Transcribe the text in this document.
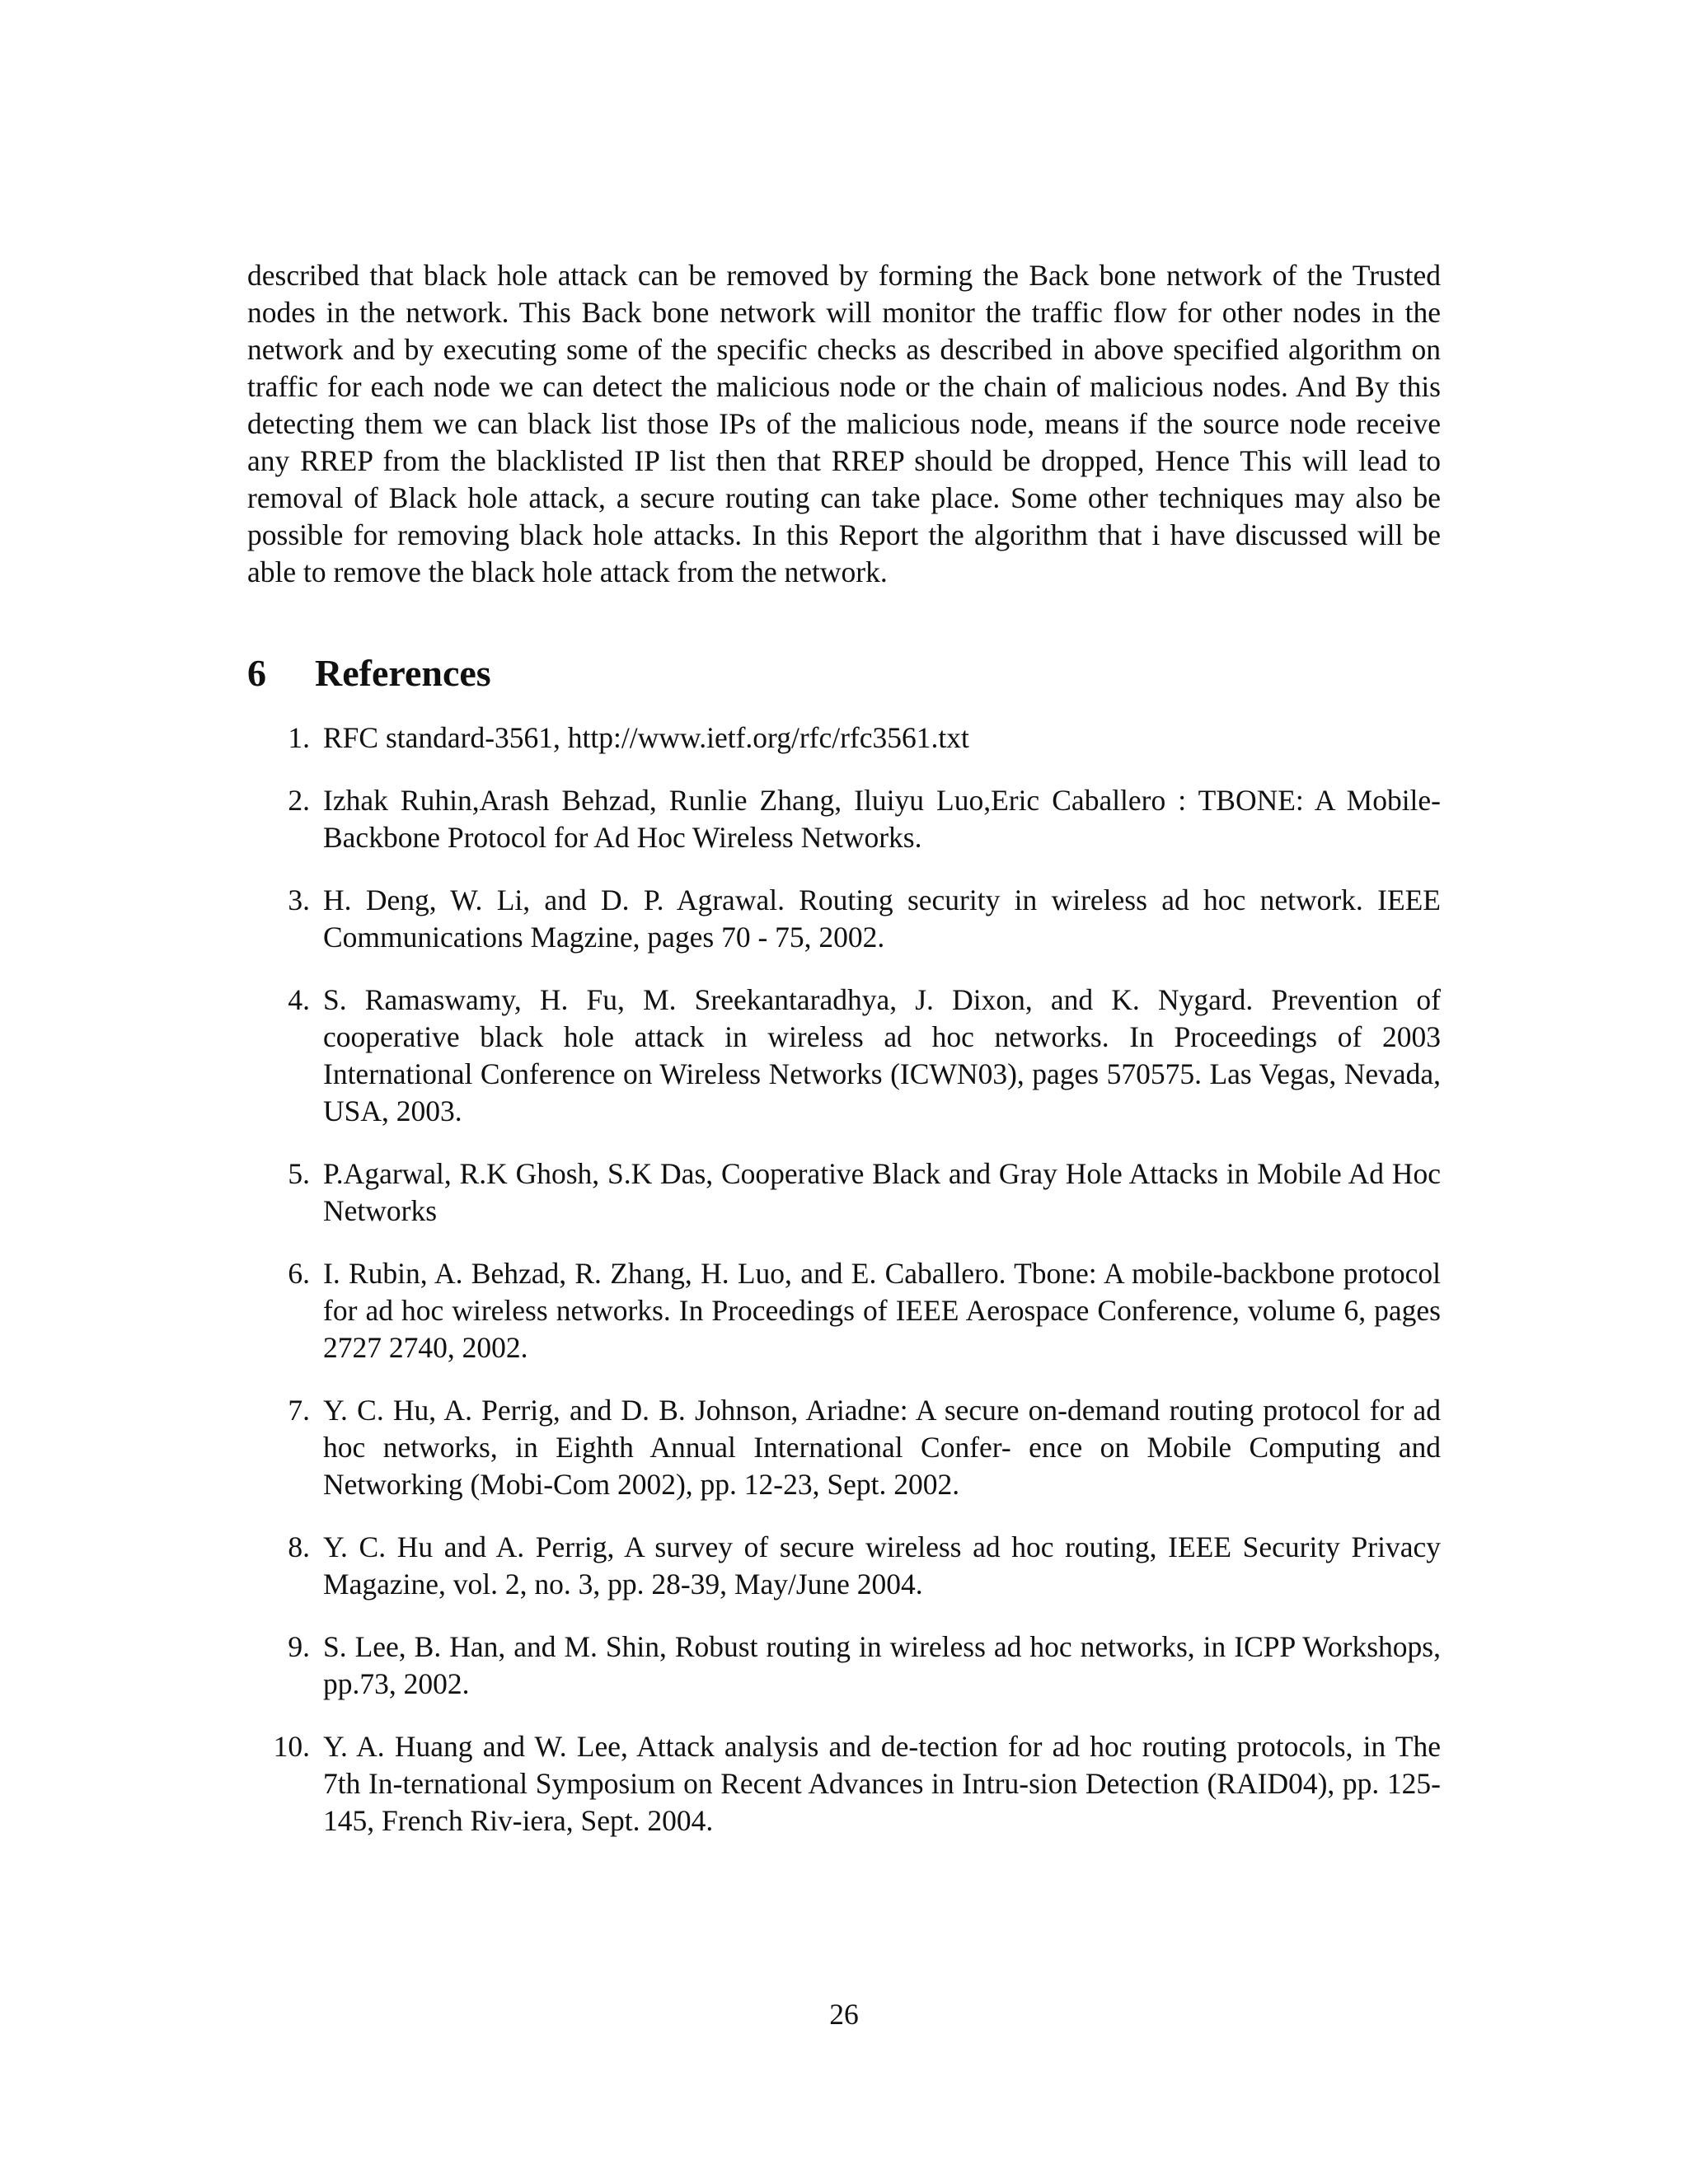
described that black hole attack can be removed by forming the Back bone network of the Trusted nodes in the network. This Back bone network will monitor the traffic flow for other nodes in the network and by executing some of the specific checks as described in above specified algorithm on traffic for each node we can detect the malicious node or the chain of malicious nodes. And By this detecting them we can black list those IPs of the malicious node, means if the source node receive any RREP from the blacklisted IP list then that RREP should be dropped, Hence This will lead to removal of Black hole attack, a secure routing can take place. Some other techniques may also be possible for removing black hole attacks. In this Report the algorithm that i have discussed will be able to remove the black hole attack from the network.

6	References
1. RFC standard-3561, http://www.ietf.org/rfc/rfc3561.txt
2. Izhak Ruhin,Arash Behzad, Runlie Zhang, Iluiyu Luo,Eric Caballero : TBONE: A Mobile-Backbone Protocol for Ad Hoc Wireless Networks.
3. H. Deng, W. Li, and D. P. Agrawal. Routing security in wireless ad hoc network. IEEE Communications Magzine, pages 70 - 75, 2002.
4. S. Ramaswamy, H. Fu, M. Sreekantaradhya, J. Dixon, and K. Nygard. Prevention of cooperative black hole attack in wireless ad hoc networks. In Proceedings of 2003 International Conference on Wireless Networks (ICWN03), pages 570575. Las Vegas, Nevada, USA, 2003.
5. P.Agarwal, R.K Ghosh, S.K Das, Cooperative Black and Gray Hole Attacks in Mobile Ad Hoc Networks
6. I. Rubin, A. Behzad, R. Zhang, H. Luo, and E. Caballero. Tbone: A mobile-backbone protocol for ad hoc wireless networks. In Proceedings of IEEE Aerospace Conference, volume 6, pages 2727 2740, 2002.
7. Y. C. Hu, A. Perrig, and D. B. Johnson, Ariadne: A secure on-demand routing protocol for ad hoc networks, in Eighth Annual International Confer- ence on Mobile Computing and Networking (Mobi-Com 2002), pp. 12-23, Sept. 2002.
8. Y. C. Hu and A. Perrig, A survey of secure wireless ad hoc routing, IEEE Security Privacy Magazine, vol. 2, no. 3, pp. 28-39, May/June 2004.
9. S. Lee, B. Han, and M. Shin, Robust routing in wireless ad hoc networks, in ICPP Workshops, pp.73, 2002.
10. Y. A. Huang and W. Lee, Attack analysis and de-tection for ad hoc routing protocols, in The 7th In-ternational Symposium on Recent Advances in Intru-sion Detection (RAID04), pp. 125-145, French Riv-iera, Sept. 2004.
26
